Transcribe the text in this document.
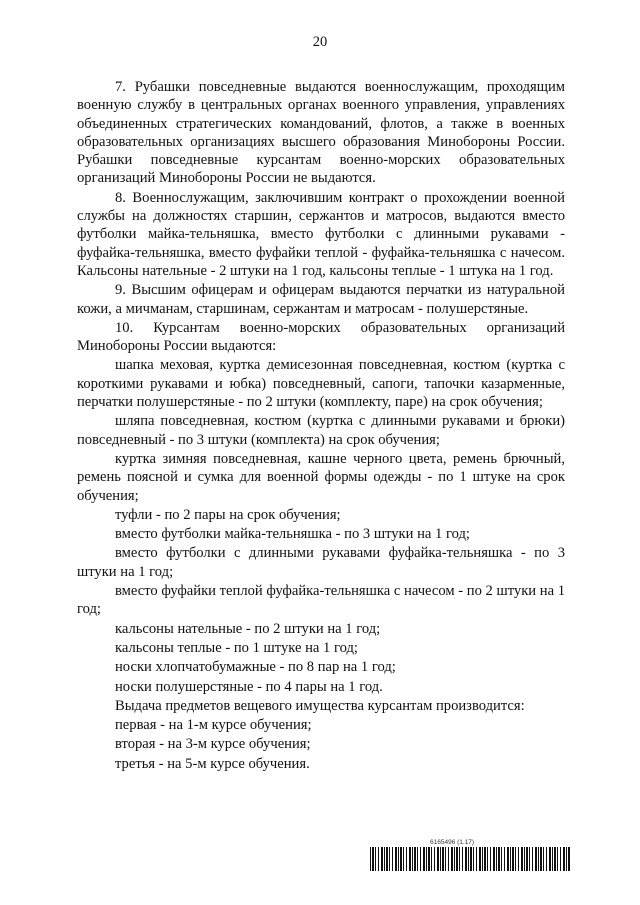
20

7. Рубашки повседневные выдаются военнослужащим, проходящим военную службу в центральных органах военного управления, управлениях объединенных стратегических командований, флотов, а также в военных образовательных организациях высшего образования Минобороны России. Рубашки повседневные курсантам военно-морских образовательных организаций Минобороны России не выдаются.

8. Военнослужащим, заключившим контракт о прохождении военной службы на должностях старшин, сержантов и матросов, выдаются вместо футболки майка-тельняшка, вместо футболки с длинными рукавами - фуфайка-тельняшка, вместо фуфайки теплой - фуфайка-тельняшка с начесом. Кальсоны нательные - 2 штуки на 1 год, кальсоны теплые - 1 штука на 1 год.

9. Высшим офицерам и офицерам выдаются перчатки из натуральной кожи, а мичманам, старшинам, сержантам и матросам - полушерстяные.

10. Курсантам военно-морских образовательных организаций Минобороны России выдаются:

шапка меховая, куртка демисезонная повседневная, костюм (куртка с короткими рукавами и юбка) повседневный, сапоги, тапочки казарменные, перчатки полушерстяные - по 2 штуки (комплекту, паре) на срок обучения;

шляпа повседневная, костюм (куртка с длинными рукавами и брюки) повседневный - по 3 штуки (комплекта) на срок обучения;

куртка зимняя повседневная, кашне черного цвета, ремень брючный, ремень поясной и сумка для военной формы одежды - по 1 штуке на срок обучения;

туфли - по 2 пары на срок обучения;

вместо футболки майка-тельняшка - по 3 штуки на 1 год;

вместо футболки с длинными рукавами фуфайка-тельняшка - по 3 штуки на 1 год;

вместо фуфайки теплой фуфайка-тельняшка с начесом - по 2 штуки на 1 год;

кальсоны нательные - по 2 штуки на 1 год;

кальсоны теплые - по 1 штуке на 1 год;

носки хлопчатобумажные - по 8 пар на 1 год;

носки полушерстяные - по 4 пары на 1 год.

Выдача предметов вещевого имущества курсантам производится:

первая - на 1-м курсе обучения;

вторая - на 3-м курсе обучения;

третья - на 5-м курсе обучения.

6165496 (1.17)
